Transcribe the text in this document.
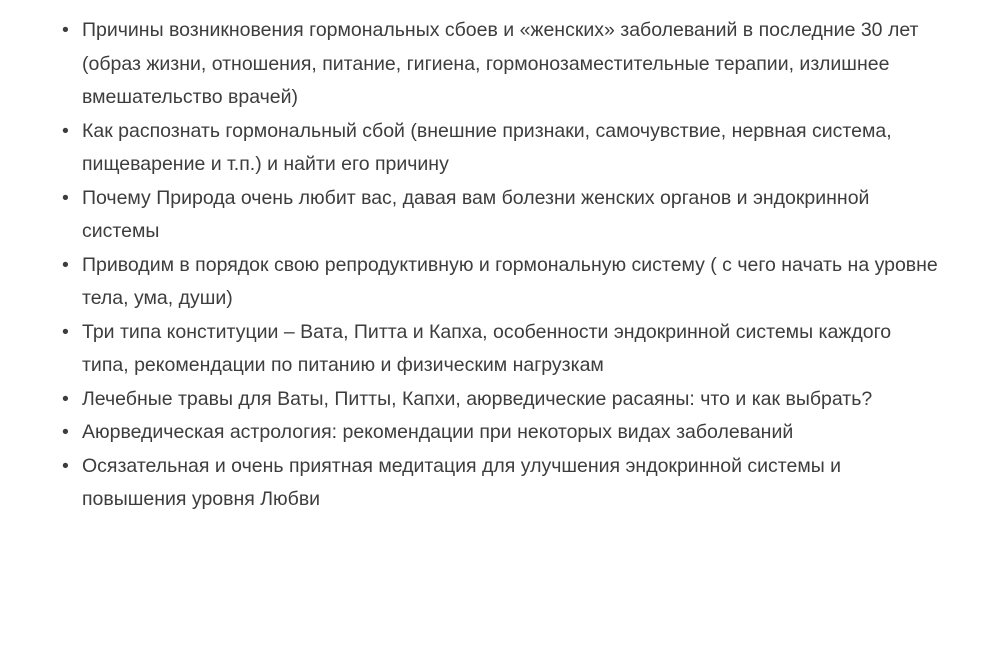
• Причины возникновения гормональных сбоев и «женских» заболеваний в последние 30 лет (образ жизни, отношения, питание, гигиена, гормонозаместительные терапии, излишнее вмешательство врачей)
• Как распознать гормональный сбой (внешние признаки, самочувствие, нервная система, пищеварение и т.п.) и найти его причину
• Почему Природа очень любит вас, давая вам болезни женских органов и эндокринной системы
• Приводим в порядок свою репродуктивную и гормональную систему ( с чего начать на уровне тела, ума, души)
• Три типа конституции – Вата, Питта и Капха, особенности эндокринной системы каждого типа, рекомендации по питанию и физическим нагрузкам
• Лечебные травы для Ваты, Питты, Капхи, аюрведические расаяны: что и как выбрать?
• Аюрведическая астрология: рекомендации при некоторых видах заболеваний
• Осязательная и очень приятная медитация для улучшения эндокринной системы и повышения уровня Любви
